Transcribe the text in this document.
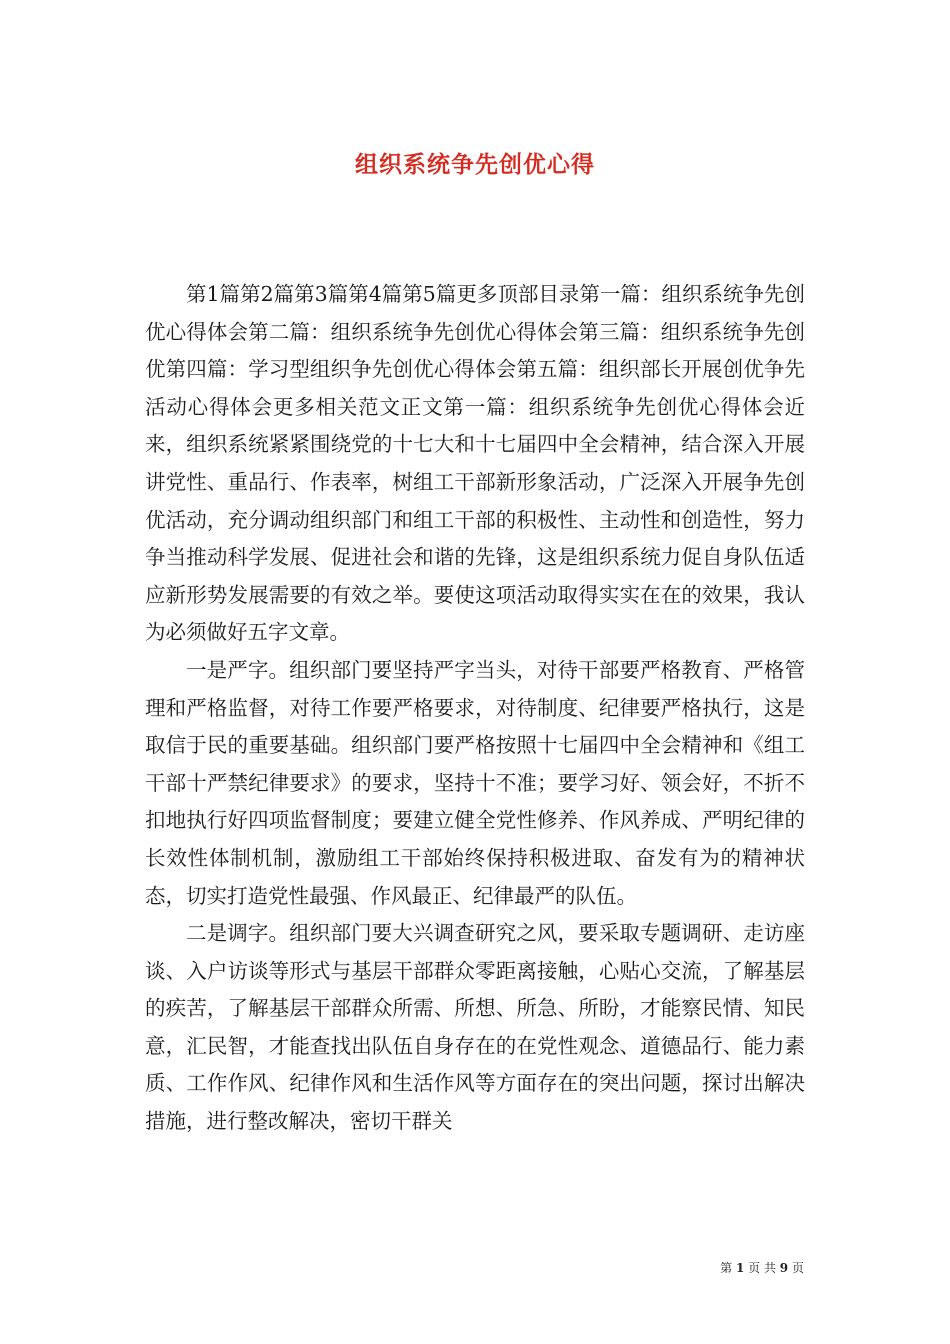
组织系统争先创优心得

第1篇第2篇第3篇第4篇第5篇更多顶部目录第一篇：组织系统争先创优心得体会第二篇：组织系统争先创优心得体会第三篇：组织系统争先创优第四篇：学习型组织争先创优心得体会第五篇：组织部长开展创优争先活动心得体会更多相关范文正文第一篇：组织系统争先创优心得体会近来，组织系统紧紧围绕党的十七大和十七届四中全会精神，结合深入开展讲党性、重品行、作表率，树组工干部新形象活动，广泛深入开展争先创优活动，充分调动组织部门和组工干部的积极性、主动性和创造性，努力争当推动科学发展、促进社会和谐的先锋，这是组织系统力促自身队伍适应新形势发展需要的有效之举。要使这项活动取得实实在在的效果，我认为必须做好五字文章。

一是严字。组织部门要坚持严字当头，对待干部要严格教育、严格管理和严格监督，对待工作要严格要求，对待制度、纪律要严格执行，这是取信于民的重要基础。组织部门要严格按照十七届四中全会精神和《组工干部十严禁纪律要求》的要求，坚持十不准；要学习好、领会好，不折不扣地执行好四项监督制度；要建立健全党性修养、作风养成、严明纪律的长效性体制机制，激励组工干部始终保持积极进取、奋发有为的精神状态，切实打造党性最强、作风最正、纪律最严的队伍。

二是调字。组织部门要大兴调查研究之风，要采取专题调研、走访座谈、入户访谈等形式与基层干部群众零距离接触，心贴心交流，了解基层的疾苦，了解基层干部群众所需、所想、所急、所盼，才能察民情、知民意，汇民智，才能查找出队伍自身存在的在党性观念、道德品行、能力素质、工作作风、纪律作风和生活作风等方面存在的突出问题，探讨出解决措施，进行整改解决，密切干群关

第 1 页 共 9 页
